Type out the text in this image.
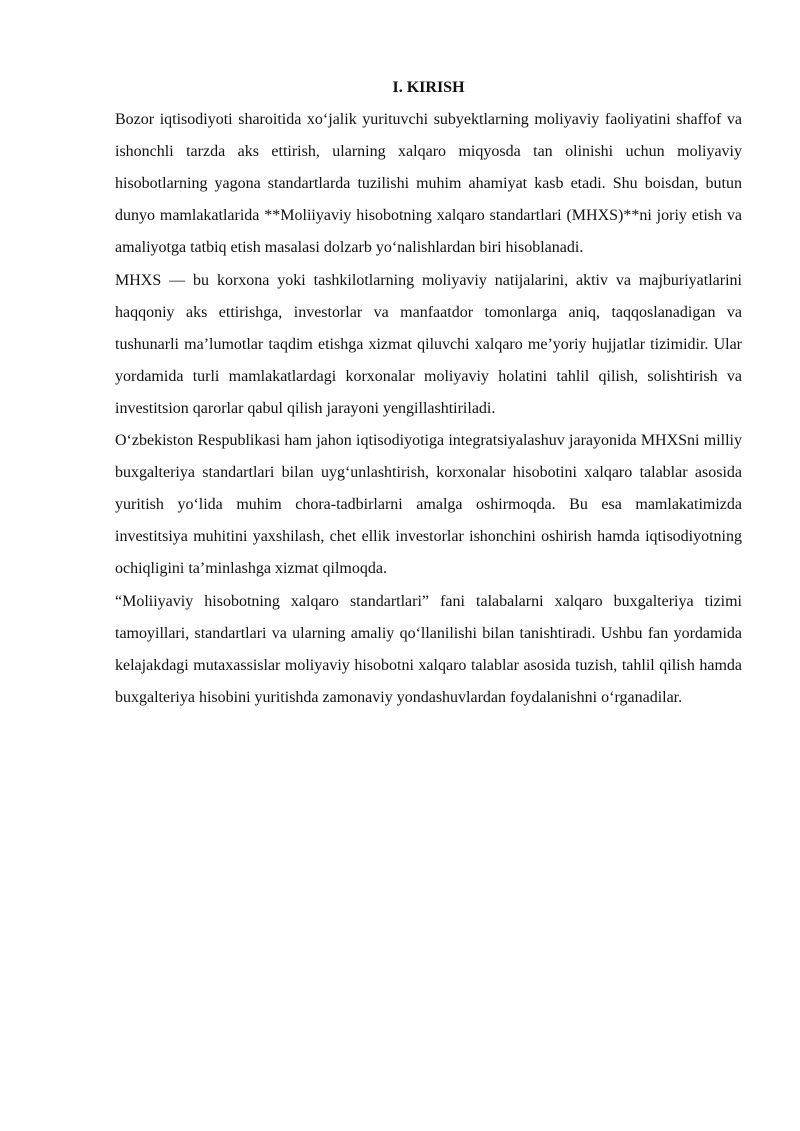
I. KIRISH

Bozor iqtisodiyoti sharoitida xo‘jalik yurituvchi subyektlarning moliyaviy faoliyatini shaffof va ishonchli tarzda aks ettirish, ularning xalqaro miqyosda tan olinishi uchun moliyaviy hisobotlarning yagona standartlarda tuzilishi muhim ahamiyat kasb etadi. Shu boisdan, butun dunyo mamlakatlarida **Moliiyaviy hisobotning xalqaro standartlari (MHXS)**ni joriy etish va amaliyotga tatbiq etish masalasi dolzarb yo‘nalishlardan biri hisoblanadi.

MHXS — bu korxona yoki tashkilotlarning moliyaviy natijalarini, aktiv va majburiyatlarini haqqoniy aks ettirishga, investorlar va manfaatdor tomonlarga aniq, taqqoslanadigan va tushunarli ma’lumotlar taqdim etishga xizmat qiluvchi xalqaro me’yoriy hujjatlar tizimidir. Ular yordamida turli mamlakatlardagi korxonalar moliyaviy holatini tahlil qilish, solishtirish va investitsion qarorlar qabul qilish jarayoni yengillashtiriladi.

O‘zbekiston Respublikasi ham jahon iqtisodiyotiga integratsiyalashuv jarayonida MHXSni milliy buxgalteriya standartlari bilan uyg‘unlashtirish, korxonalar hisobotini xalqaro talablar asosida yuritish yo‘lida muhim chora-tadbirlarni amalga oshirmoqda. Bu esa mamlakatimizda investitsiya muhitini yaxshilash, chet ellik investorlar ishonchini oshirish hamda iqtisodiyotning ochiqligini ta’minlashga xizmat qilmoqda.

“Moliiyaviy hisobotning xalqaro standartlari” fani talabalarni xalqaro buxgalteriya tizimi tamoyillari, standartlari va ularning amaliy qo‘llanilishi bilan tanishtiradi. Ushbu fan yordamida kelajakdagi mutaxassislar moliyaviy hisobotni xalqaro talablar asosida tuzish, tahlil qilish hamda buxgalteriya hisobini yuritishda zamonaviy yondashuvlardan foydalanishni o‘rganadilar.
